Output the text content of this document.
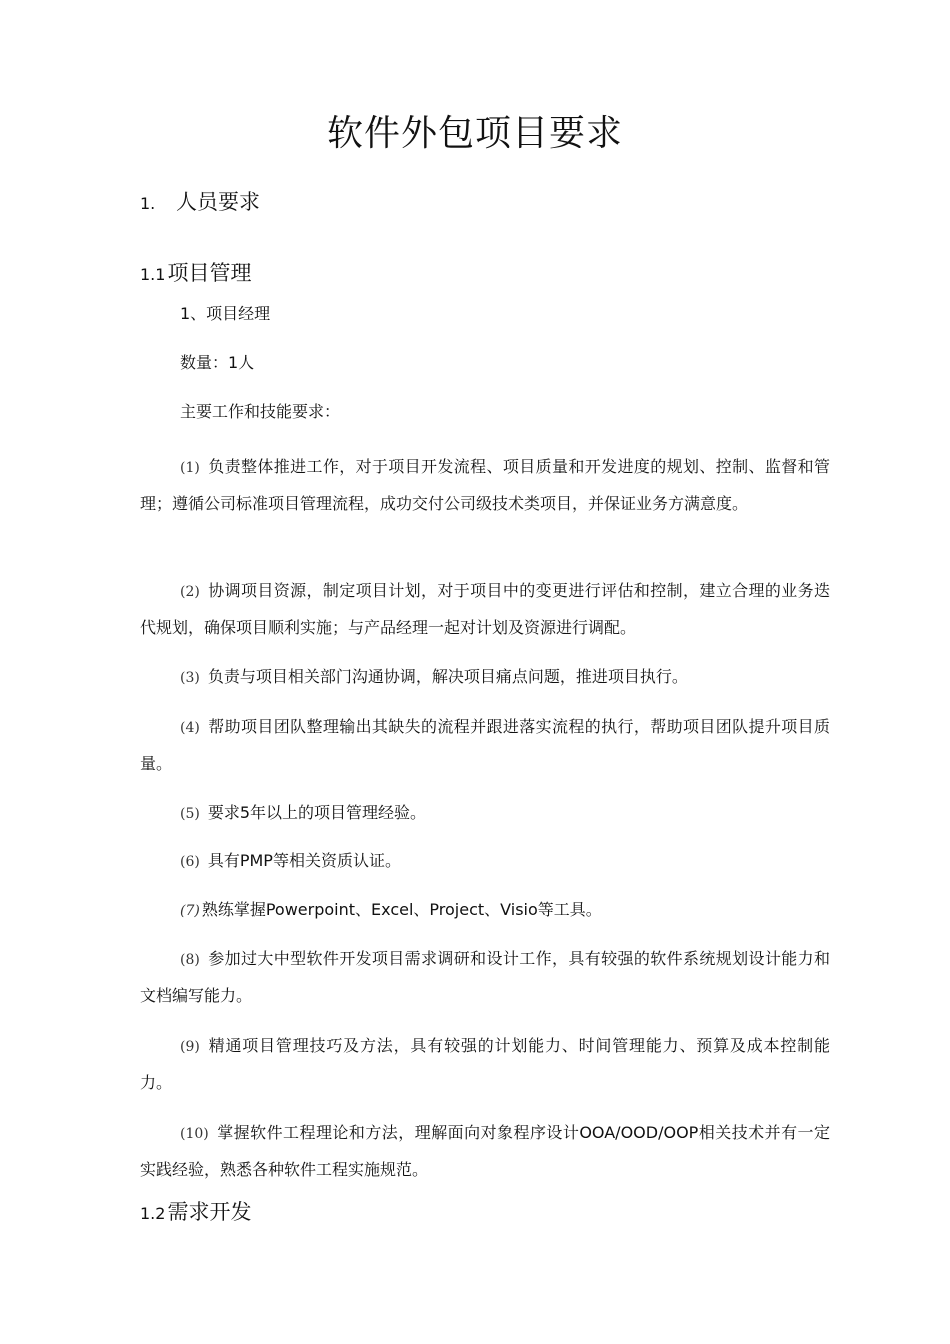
软件外包项目要求
1. 人员要求
1.1项目管理
1、项目经理
数量：1人
主要工作和技能要求：

(1) 负责整体推进工作，对于项目开发流程、项目质量和开发进度的规划、控制、监督和管理；遵循公司标准项目管理流程，成功交付公司级技术类项目，并保证业务方满意度。

(2) 协调项目资源，制定项目计划，对于项目中的变更进行评估和控制，建立合理的业务迭代规划，确保项目顺利实施；与产品经理一起对计划及资源进行调配。

(3) 负责与项目相关部门沟通协调，解决项目痛点问题，推进项目执行。

(4) 帮助项目团队整理输出其缺失的流程并跟进落实流程的执行，帮助项目团队提升项目质量。

(5) 要求5年以上的项目管理经验。

(6) 具有PMP等相关资质认证。

(7) 熟练掌握Powerpoint、Excel、Project、Visio等工具。

(8) 参加过大中型软件开发项目需求调研和设计工作，具有较强的软件系统规划设计能力和文档编写能力。

(9) 精通项目管理技巧及方法，具有较强的计划能力、时间管理能力、预算及成本控制能力。

(10) 掌握软件工程理论和方法，理解面向对象程序设计OOA/OOD/OOP相关技术并有一定实践经验，熟悉各种软件工程实施规范。

1.2需求开发
